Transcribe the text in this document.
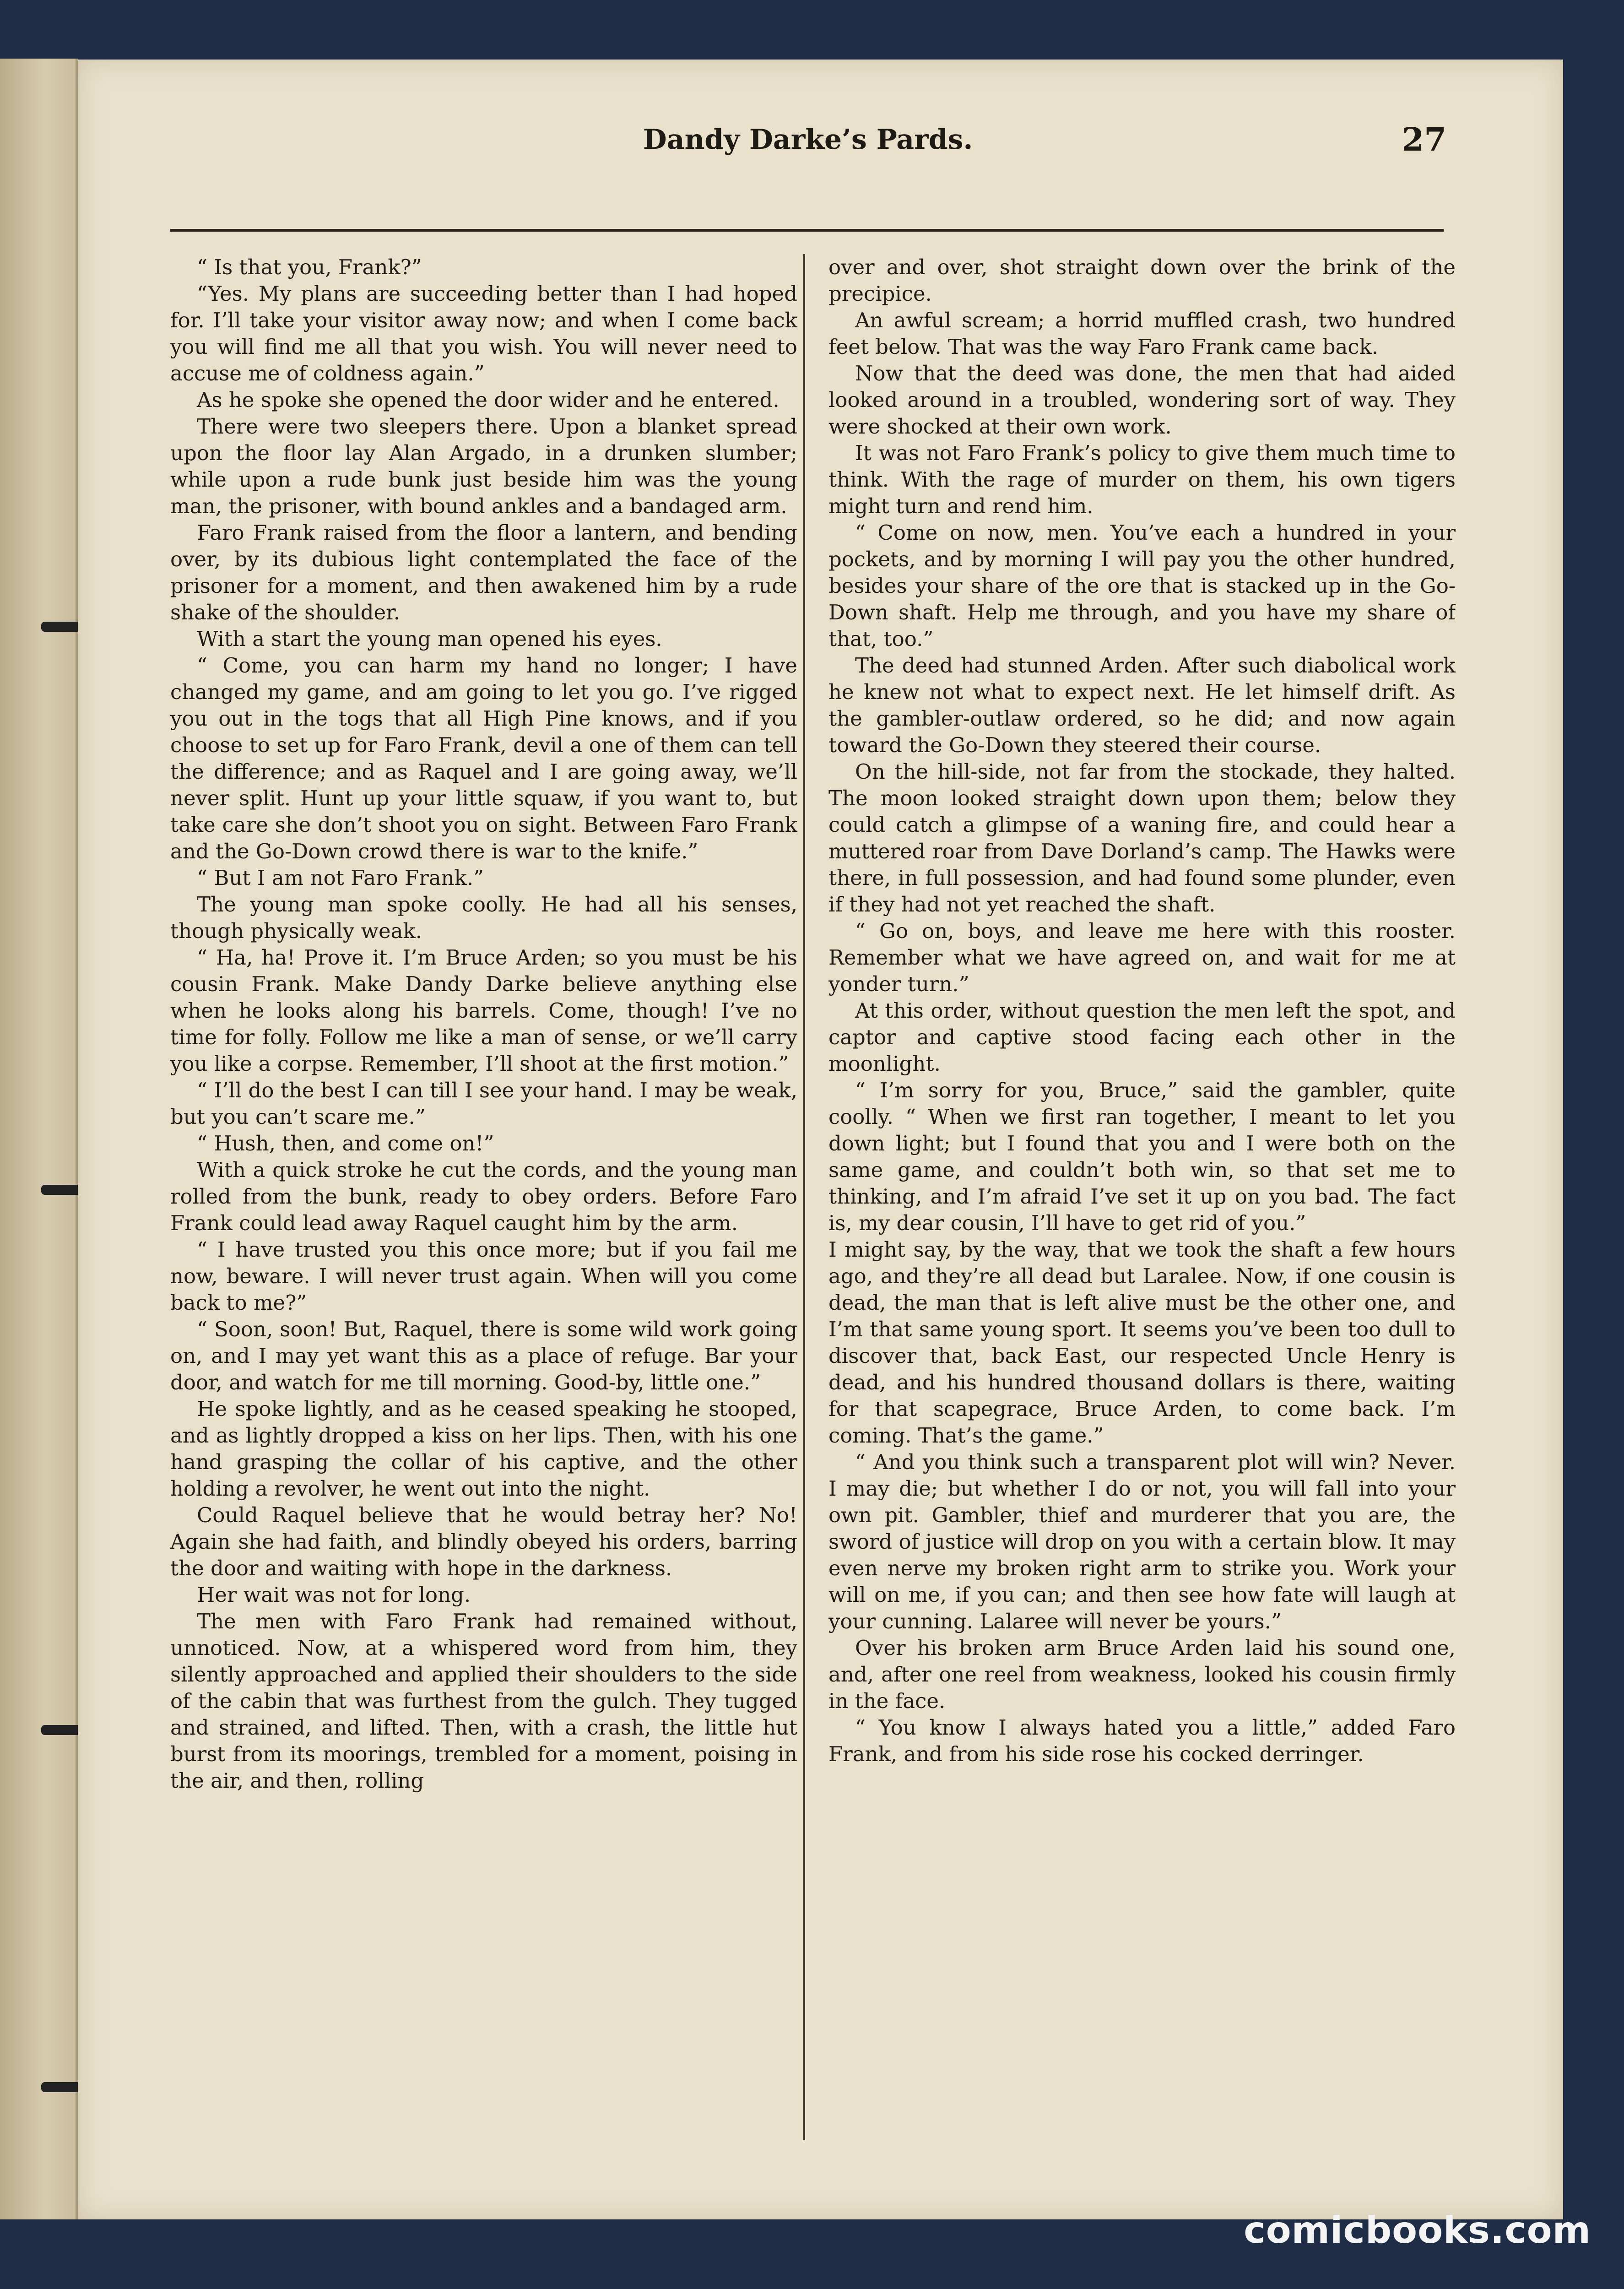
Dandy Darke’s Pards.	27

“ Is that you, Frank?”

“Yes. My plans are succeeding better than I had hoped for. I’ll take your visitor away now; and when I come back you will find me all that you wish. You will never need to accuse me of coldness again.”

As he spoke she opened the door wider and he entered.

There were two sleepers there. Upon a blanket spread upon the floor lay Alan Argado, in a drunken slumber; while upon a rude bunk just beside him was the young man, the prisoner, with bound ankles and a bandaged arm.

Faro Frank raised from the floor a lantern, and bending over, by its dubious light contemplated the face of the prisoner for a moment, and then awakened him by a rude shake of the shoulder.

With a start the young man opened his eyes.

“ Come, you can harm my hand no longer; I have changed my game, and am going to let you go. I’ve rigged you out in the togs that all High Pine knows, and if you choose to set up for Faro Frank, devil a one of them can tell the difference; and as Raquel and I are going away, we’ll never split. Hunt up your little squaw, if you want to, but take care she don’t shoot you on sight. Between Faro Frank and the Go-Down crowd there is war to the knife.”

“ But I am not Faro Frank.”

The young man spoke coolly. He had all his senses, though physically weak.

“ Ha, ha! Prove it. I’m Bruce Arden; so you must be his cousin Frank. Make Dandy Darke believe anything else when he looks along his barrels. Come, though! I’ve no time for folly. Follow me like a man of sense, or we’ll carry you like a corpse. Remember, I’ll shoot at the first motion.”

“ I’ll do the best I can till I see your hand. I may be weak, but you can’t scare me.”

“ Hush, then, and come on!”

With a quick stroke he cut the cords, and the young man rolled from the bunk, ready to obey orders. Before Faro Frank could lead away Raquel caught him by the arm.

“ I have trusted you this once more; but if you fail me now, beware. I will never trust again. When will you come back to me?”

“ Soon, soon! But, Raquel, there is some wild work going on, and I may yet want this as a place of refuge. Bar your door, and watch for me till morning. Good-by, little one.”

He spoke lightly, and as he ceased speaking he stooped, and as lightly dropped a kiss on her lips. Then, with his one hand grasping the collar of his captive, and the other holding a revolver, he went out into the night.

Could Raquel believe that he would betray her? No! Again she had faith, and blindly obeyed his orders, barring the door and waiting with hope in the darkness.

Her wait was not for long.

The men with Faro Frank had remained without, unnoticed. Now, at a whispered word from him, they silently approached and applied their shoulders to the side of the cabin that was furthest from the gulch. They tugged and strained, and lifted. Then, with a crash, the little hut burst from its moorings, trembled for a moment, poising in the air, and then, rolling

over and over, shot straight down over the brink of the precipice.

An awful scream; a horrid muffled crash, two hundred feet below. That was the way Faro Frank came back.

Now that the deed was done, the men that had aided looked around in a troubled, wondering sort of way. They were shocked at their own work.

It was not Faro Frank’s policy to give them much time to think. With the rage of murder on them, his own tigers might turn and rend him.

“ Come on now, men. You’ve each a hundred in your pockets, and by morning I will pay you the other hundred, besides your share of the ore that is stacked up in the Go-Down shaft. Help me through, and you have my share of that, too.”

The deed had stunned Arden. After such diabolical work he knew not what to expect next. He let himself drift. As the gambler-outlaw ordered, so he did; and now again toward the Go-Down they steered their course.

On the hill-side, not far from the stockade, they halted. The moon looked straight down upon them; below they could catch a glimpse of a waning fire, and could hear a muttered roar from Dave Dorland’s camp. The Hawks were there, in full possession, and had found some plunder, even if they had not yet reached the shaft.

“ Go on, boys, and leave me here with this rooster. Remember what we have agreed on, and wait for me at yonder turn.”

At this order, without question the men left the spot, and captor and captive stood facing each other in the moonlight.

“ I’m sorry for you, Bruce,” said the gambler, quite coolly. “ When we first ran together, I meant to let you down light; but I found that you and I were both on the same game, and couldn’t both win, so that set me to thinking, and I’m afraid I’ve set it up on you bad. The fact is, my dear cousin, I’ll have to get rid of you.”

I might say, by the way, that we took the shaft a few hours ago, and they’re all dead but Laralee. Now, if one cousin is dead, the man that is left alive must be the other one, and I’m that same young sport. It seems you’ve been too dull to discover that, back East, our respected Uncle Henry is dead, and his hundred thousand dollars is there, waiting for that scapegrace, Bruce Arden, to come back. I’m coming. That’s the game.”

“ And you think such a transparent plot will win? Never. I may die; but whether I do or not, you will fall into your own pit. Gambler, thief and murderer that you are, the sword of justice will drop on you with a certain blow. It may even nerve my broken right arm to strike you. Work your will on me, if you can; and then see how fate will laugh at your cunning. Lalaree will never be yours.”

Over his broken arm Bruce Arden laid his sound one, and, after one reel from weakness, looked his cousin firmly in the face.

“ You know I always hated you a little,” added Faro Frank, and from his side rose his cocked derringer.

comicbooks.com
